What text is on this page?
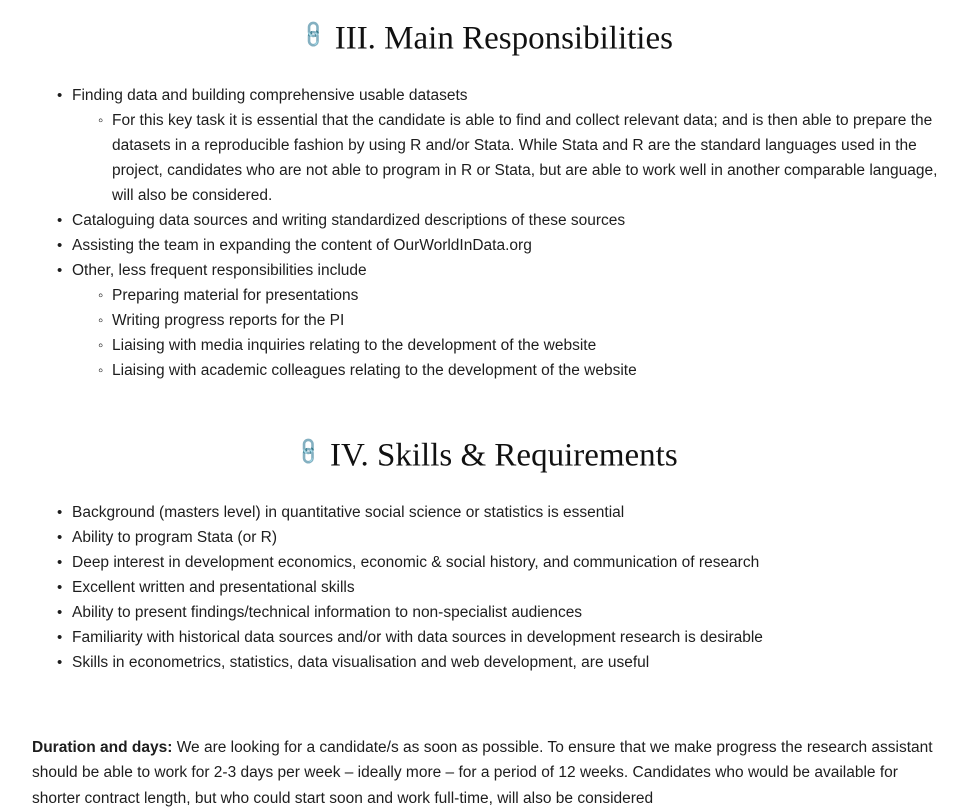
🔗 III. Main Responsibilities
• Finding data and building comprehensive usable datasets
◦ For this key task it is essential that the candidate is able to find and collect relevant data; and is then able to prepare the datasets in a reproducible fashion by using R and/or Stata. While Stata and R are the standard languages used in the project, candidates who are not able to program in R or Stata, but are able to work well in another comparable language, will also be considered.
• Cataloguing data sources and writing standardized descriptions of these sources
• Assisting the team in expanding the content of OurWorldInData.org
• Other, less frequent responsibilities include
◦ Preparing material for presentations
◦ Writing progress reports for the PI
◦ Liaising with media inquiries relating to the development of the website
◦ Liaising with academic colleagues relating to the development of the website
🔗 IV. Skills & Requirements
• Background (masters level) in quantitative social science or statistics is essential
• Ability to program Stata (or R)
• Deep interest in development economics, economic & social history, and communication of research
• Excellent written and presentational skills
• Ability to present findings/technical information to non-specialist audiences
• Familiarity with historical data sources and/or with data sources in development research is desirable
• Skills in econometrics, statistics, data visualisation and web development, are useful

Duration and days: We are looking for a candidate/s as soon as possible. To ensure that we make progress the research assistant should be able to work for 2-3 days per week – ideally more – for a period of 12 weeks. Candidates who would be available for shorter contract length, but who could start soon and work full-time, will also be considered
